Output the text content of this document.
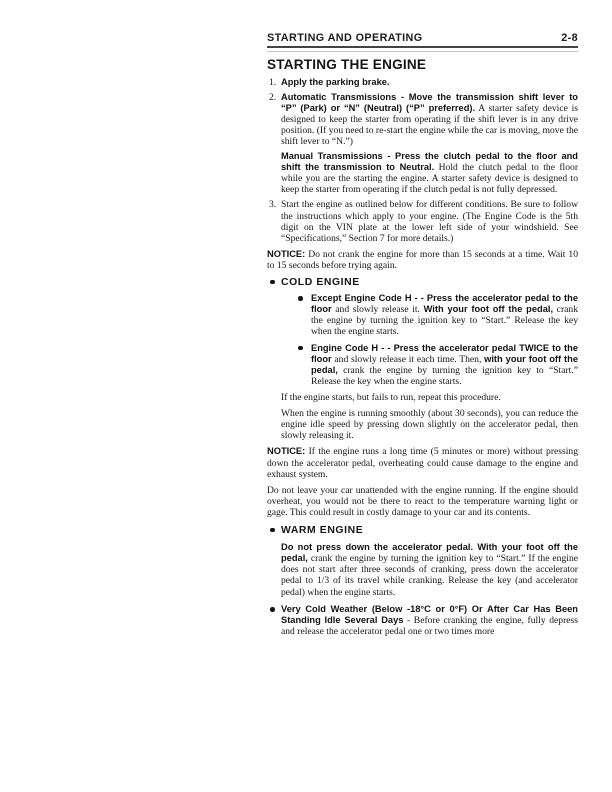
STARTING AND OPERATING	2-8
STARTING THE ENGINE

1. Apply the parking brake.

2. Automatic Transmissions - Move the transmission shift lever to “P” (Park) or “N” (Neutral) (“P” preferred). A starter safety device is designed to keep the starter from operating if the shift lever is in any drive position. (If you need to re-start the engine while the car is moving, move the shift lever to “N.”)

Manual Transmissions - Press the clutch pedal to the floor and shift the transmission to Neutral. Hold the clutch pedal to the floor while you are the starting the engine. A starter safety device is designed to keep the starter from operating if the clutch pedal is not fully depressed.

3. Start the engine as outlined below for different conditions. Be sure to follow the instructions which apply to your engine. (The Engine Code is the 5th digit on the VIN plate at the lower left side of your windshield. See “Specifications,” Section 7 for more details.)

NOTICE: Do not crank the engine for more than 15 seconds at a time. Wait 10 to 15 seconds before trying again.

COLD ENGINE

Except Engine Code H - - Press the accelerator pedal to the floor and slowly release it. With your foot off the pedal, crank the engine by turning the ignition key to “Start.” Release the key when the engine starts.

Engine Code H - - Press the accelerator pedal TWICE to the floor and slowly release it each time. Then, with your foot off the pedal, crank the engine by turning the ignition key to “Start.” Release the key when the engine starts.

If the engine starts, but fails to run, repeat this procedure.

When the engine is running smoothly (about 30 seconds), you can reduce the engine idle speed by pressing down slightly on the accelerator pedal, then slowly releasing it.

NOTICE: If the engine runs a long time (5 minutes or more) without pressing down the accelerator pedal, overheating could cause damage to the engine and exhaust system.

Do not leave your car unattended with the engine running. If the engine should overheat, you would not be there to react to the temperature warning light or gage. This could result in costly damage to your car and its contents.

WARM ENGINE

Do not press down the accelerator pedal. With your foot off the pedal, crank the engine by turning the ignition key to “Start.” If the engine does not start after three seconds of cranking, press down the accelerator pedal to 1/3 of its travel while cranking. Release the key (and accelerator pedal) when the engine starts.

Very Cold Weather (Below -18°C or 0°F) Or After Car Has Been Standing Idle Several Days - Before cranking the engine, fully depress and release the accelerator pedal one or two times more
